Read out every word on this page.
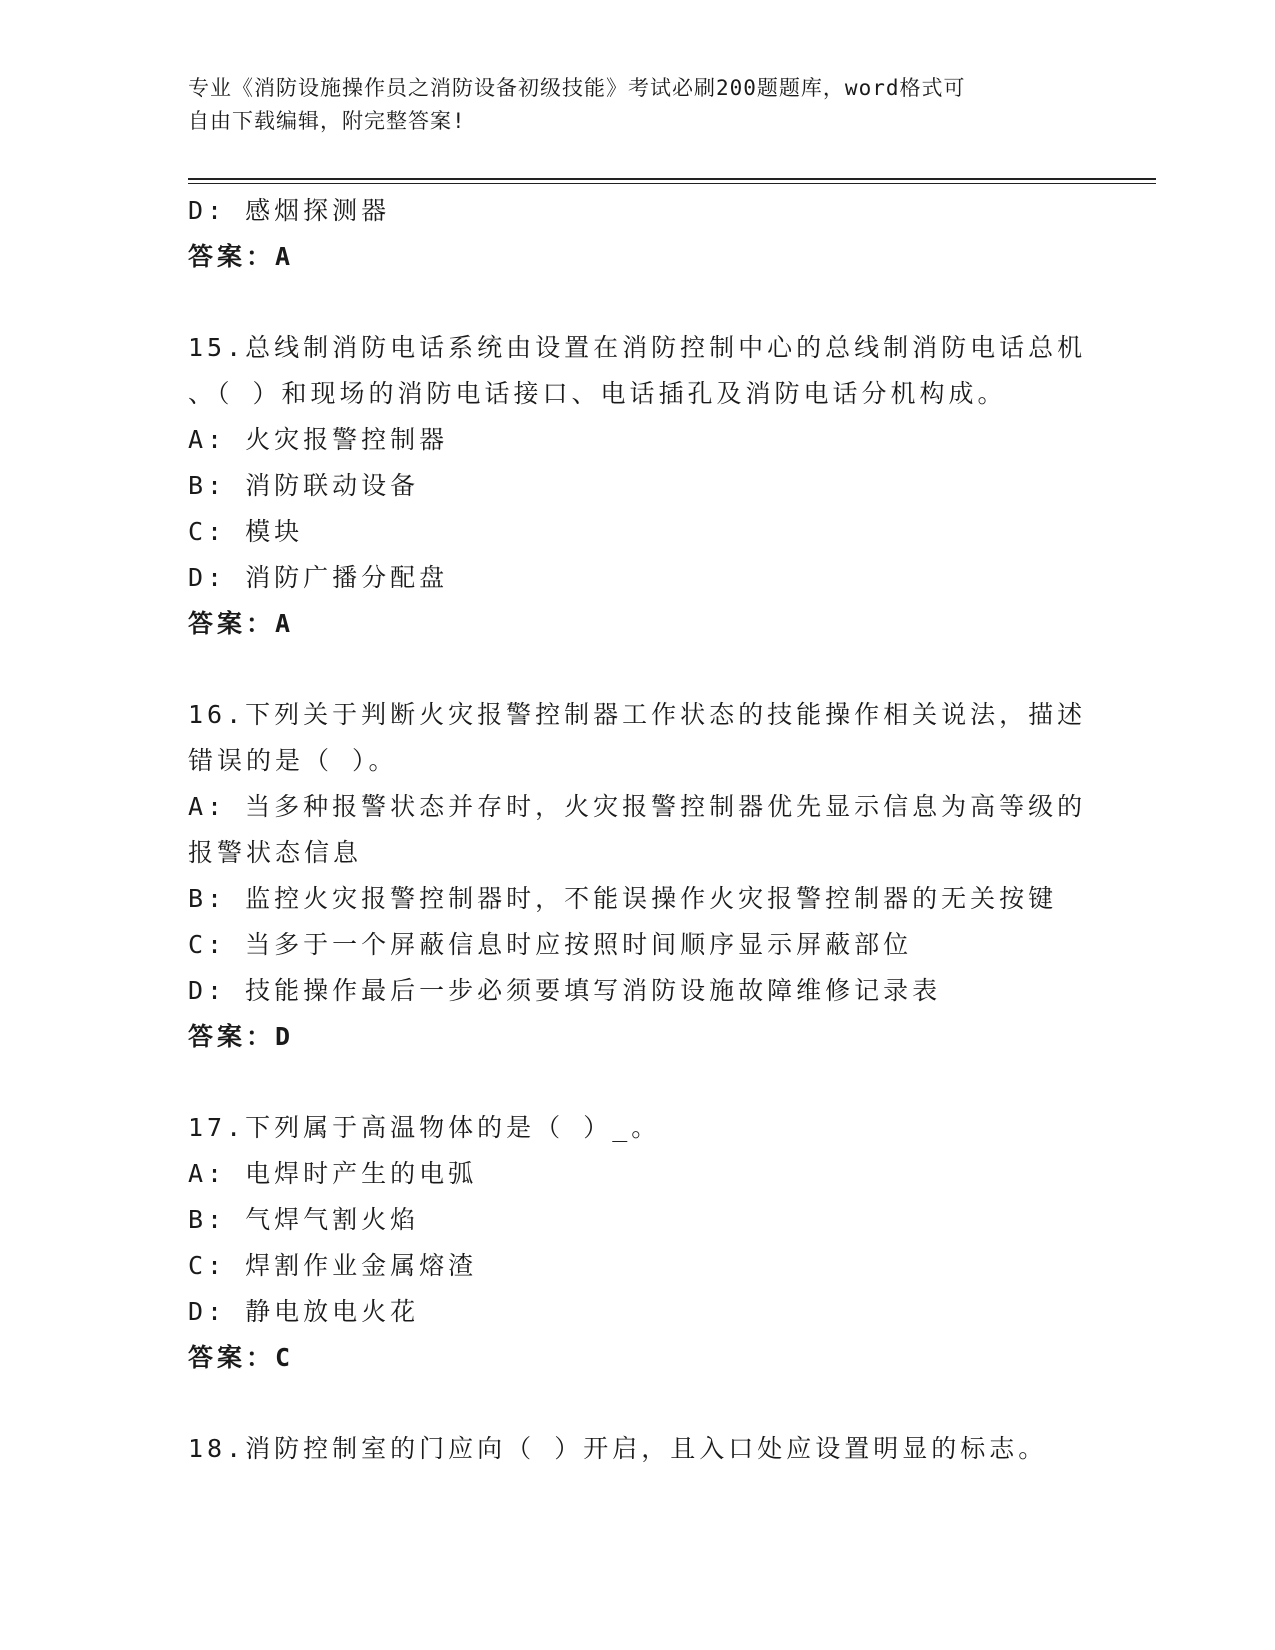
专业《消防设施操作员之消防设备初级技能》考试必刷200题题库，word格式可
自由下载编辑，附完整答案!
D: 感烟探测器
答案：A
15.总线制消防电话系统由设置在消防控制中心的总线制消防电话总机
、（ ）和现场的消防电话接口、电话插孔及消防电话分机构成。
A: 火灾报警控制器
B: 消防联动设备
C: 模块
D: 消防广播分配盘
答案：A
16.下列关于判断火灾报警控制器工作状态的技能操作相关说法，描述
错误的是（ ）。
A: 当多种报警状态并存时，火灾报警控制器优先显示信息为高等级的
报警状态信息
B: 监控火灾报警控制器时，不能误操作火灾报警控制器的无关按键
C: 当多于一个屏蔽信息时应按照时间顺序显示屏蔽部位
D: 技能操作最后一步必须要填写消防设施故障维修记录表
答案：D
17.下列属于高温物体的是（ ）_。
A: 电焊时产生的电弧
B: 气焊气割火焰
C: 焊割作业金属熔渣
D: 静电放电火花
答案：C
18.消防控制室的门应向（ ）开启，且入口处应设置明显的标志。
